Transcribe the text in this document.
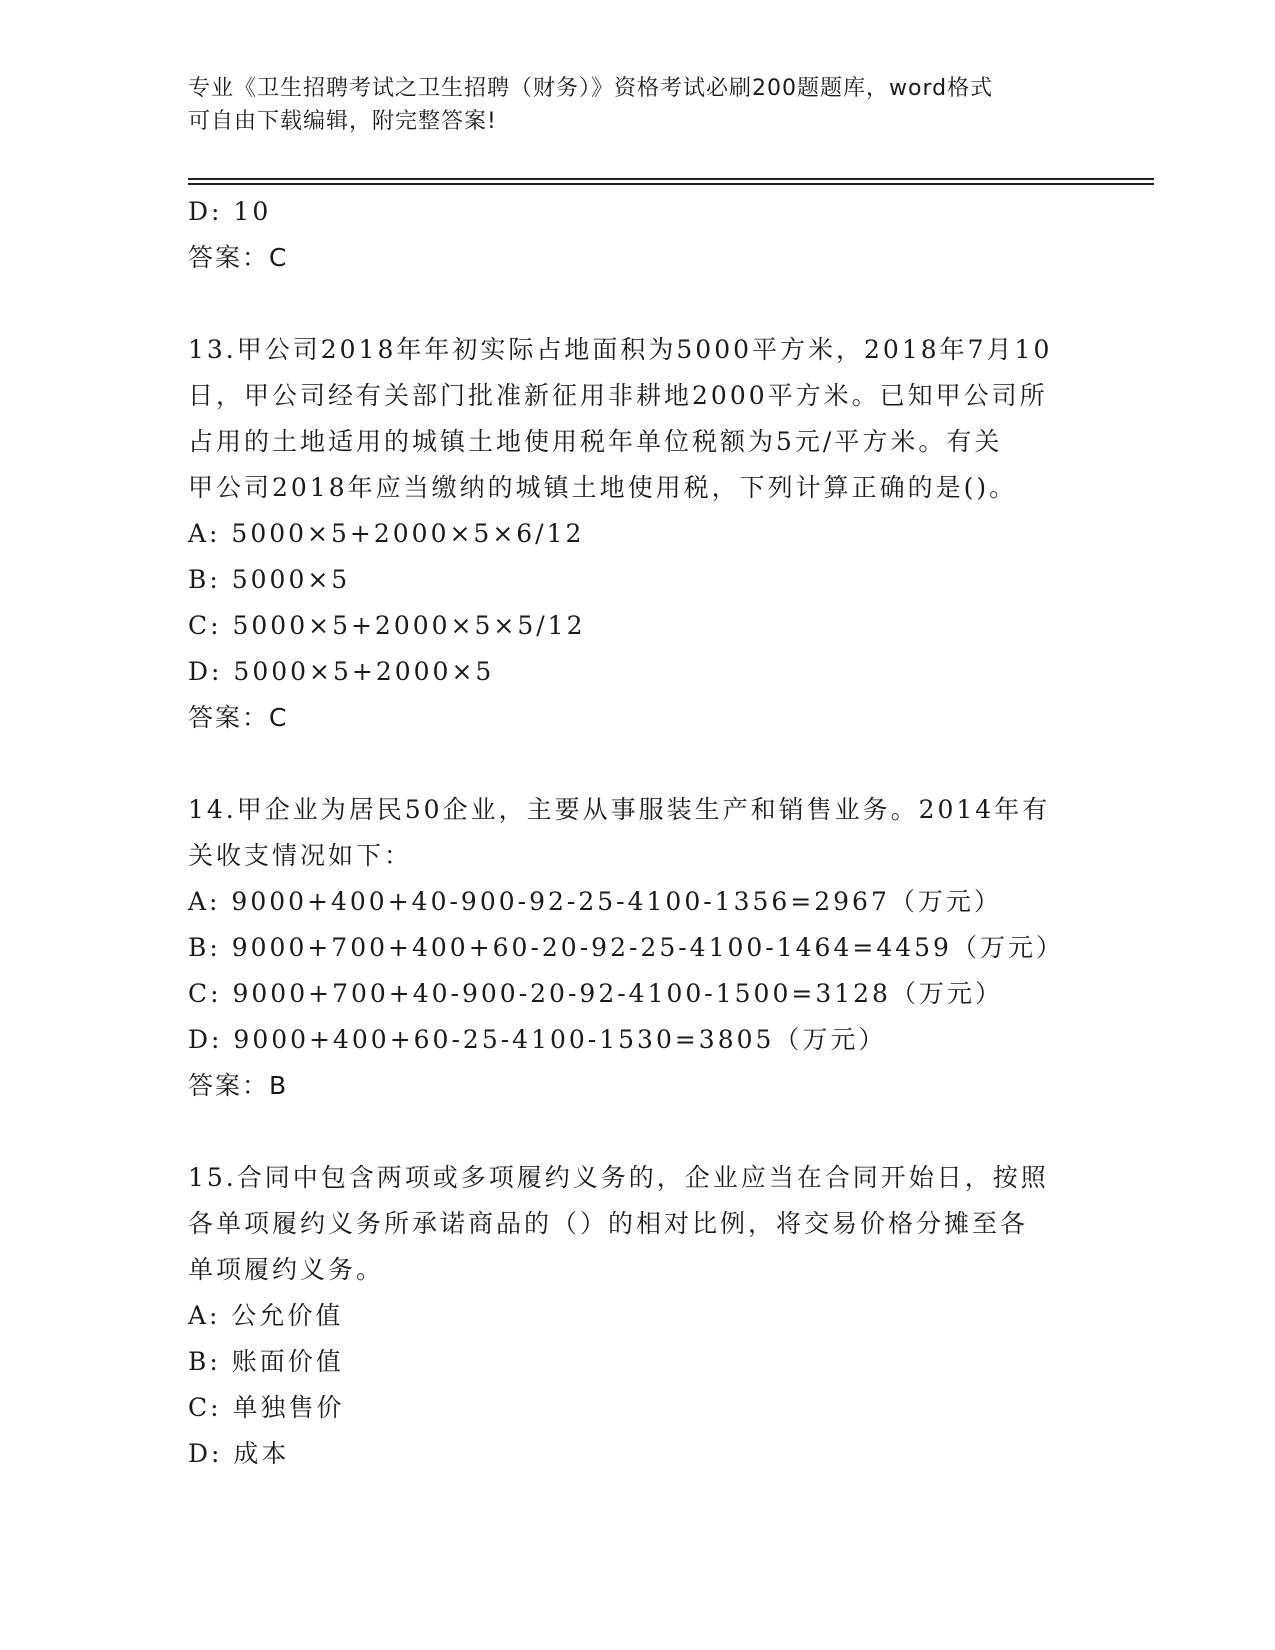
专业《卫生招聘考试之卫生招聘（财务）》资格考试必刷200题题库，word格式
可自由下载编辑，附完整答案!
D: 10
答案：C
13.甲公司2018年年初实际占地面积为5000平方米，2018年7月10
日，甲公司经有关部门批准新征用非耕地2000平方米。已知甲公司所
占用的土地适用的城镇土地使用税年单位税额为5元/平方米。有关
甲公司2018年应当缴纳的城镇土地使用税，下列计算正确的是()。
A: 5000×5+2000×5×6/12
B: 5000×5
C: 5000×5+2000×5×5/12
D: 5000×5+2000×5
答案：C
14.甲企业为居民50企业，主要从事服装生产和销售业务。2014年有
关收支情况如下：
A: 9000+400+40-900-92-25-4100-1356=2967（万元）
B: 9000+700+400+60-20-92-25-4100-1464=4459（万元）
C: 9000+700+40-900-20-92-4100-1500=3128（万元）
D: 9000+400+60-25-4100-1530=3805（万元）
答案：B
15.合同中包含两项或多项履约义务的，企业应当在合同开始日，按照
各单项履约义务所承诺商品的（）的相对比例，将交易价格分摊至各
单项履约义务。
A: 公允价值
B: 账面价值
C: 单独售价
D: 成本
